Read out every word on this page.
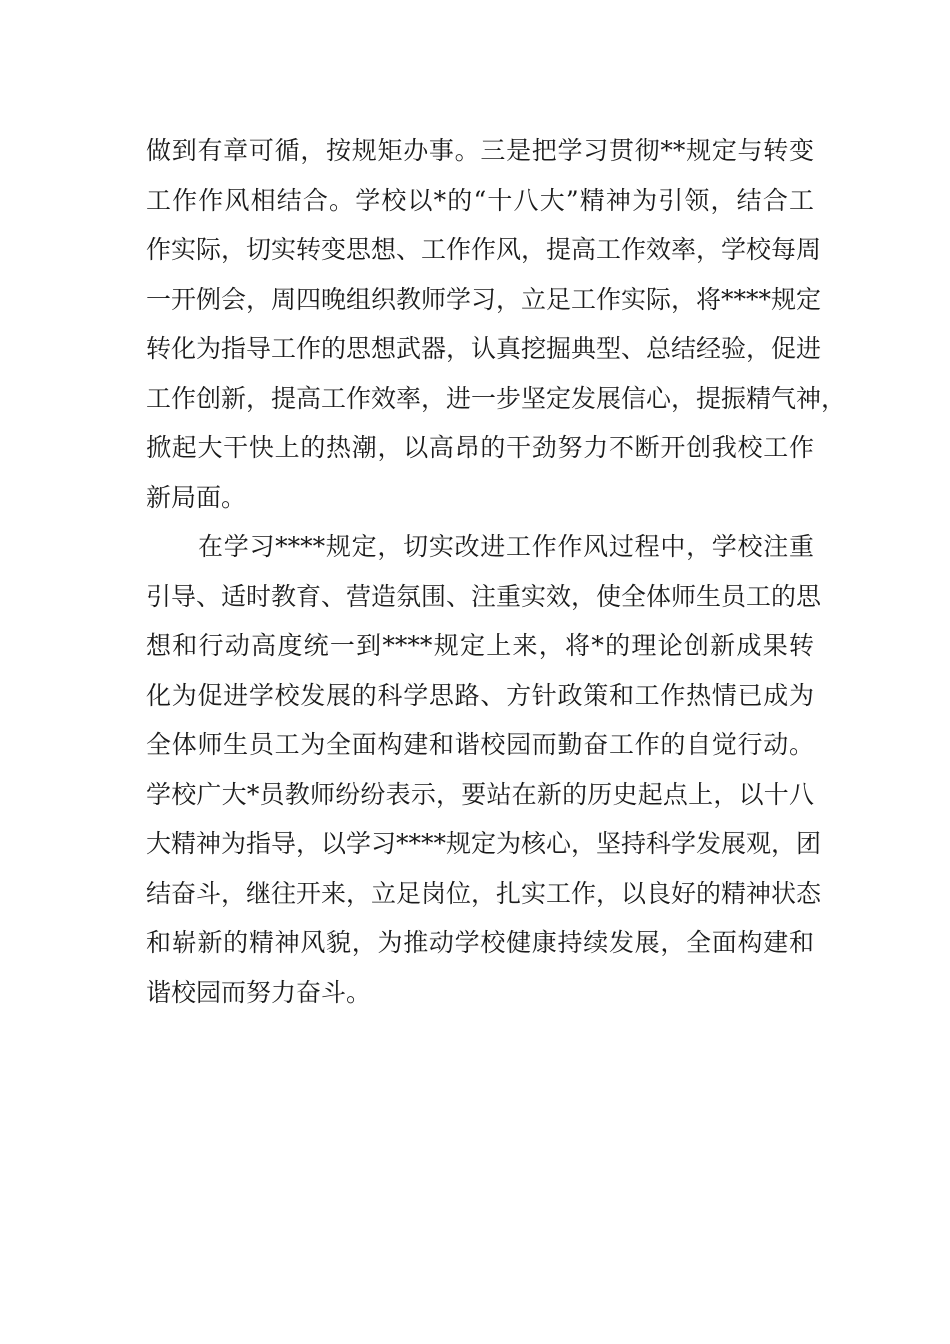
做到有章可循，按规矩办事。三是把学习贯彻**规定与转变
工作作风相结合。学校以*的“十八大”精神为引领，结合工
作实际，切实转变思想、工作作风，提高工作效率，学校每周
一开例会，周四晚组织教师学习，立足工作实际，将****规定
转化为指导工作的思想武器，认真挖掘典型、总结经验，促进
工作创新，提高工作效率，进一步坚定发展信心，提振精气神，
掀起大干快上的热潮，以高昂的干劲努力不断开创我校工作
新局面。
在学习****规定，切实改进工作作风过程中，学校注重
引导、适时教育、营造氛围、注重实效，使全体师生员工的思
想和行动高度统一到****规定上来，将*的理论创新成果转
化为促进学校发展的科学思路、方针政策和工作热情已成为
全体师生员工为全面构建和谐校园而勤奋工作的自觉行动。
学校广大*员教师纷纷表示，要站在新的历史起点上，以十八
大精神为指导，以学习****规定为核心，坚持科学发展观，团
结奋斗，继往开来，立足岗位，扎实工作，以良好的精神状态
和崭新的精神风貌，为推动学校健康持续发展，全面构建和
谐校园而努力奋斗。
